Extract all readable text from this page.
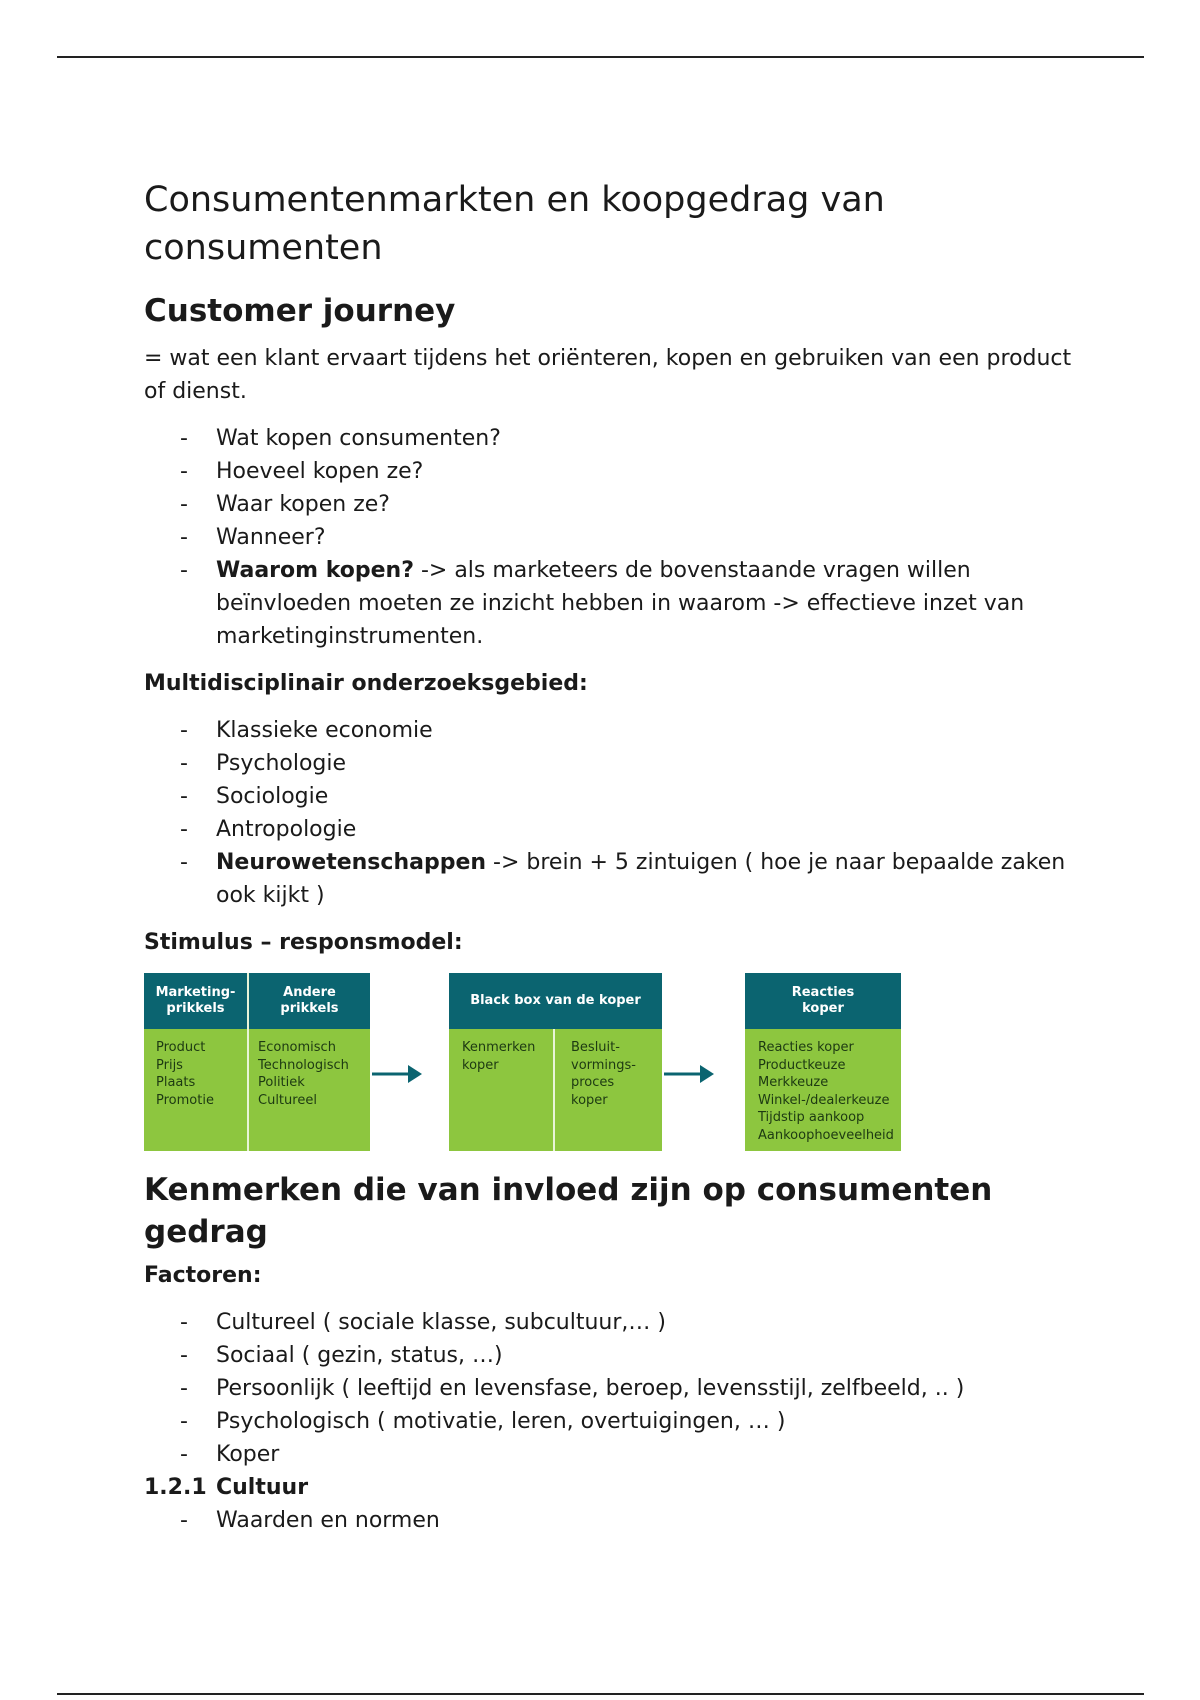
Consumentenmarkten en koopgedrag van consumenten
Customer journey

= wat een klant ervaart tijdens het oriënteren, kopen en gebruiken van een product of dienst.

- Wat kopen consumenten?
- Hoeveel kopen ze?
- Waar kopen ze?
- Wanneer?
- Waarom kopen? -> als marketeers de bovenstaande vragen willen beïnvloeden moeten ze inzicht hebben in waarom -> effectieve inzet van marketinginstrumenten.
Multidisciplinair onderzoeksgebied:
- Klassieke economie
- Psychologie
- Sociologie
- Antropologie
- Neurowetenschappen -> brein + 5 zintuigen ( hoe je naar bepaalde zaken ook kijkt )
Stimulus – responsmodel:
Marketing-
prikkels
Andere
prikkels
Product
Prijs
Plaats
Promotie
Economisch
Technologisch
Politiek
Cultureel
Black box van de koper
Kenmerken
koper
Besluit-
vormings-
proces
koper
Reacties
koper
Reacties koper
Productkeuze
Merkkeuze
Winkel-/dealerkeuze
Tijdstip aankoop
Aankoophoeveelheid
Kenmerken die van invloed zijn op consumenten gedrag
Factoren:
- Cultureel ( sociale klasse, subcultuur,… )
- Sociaal ( gezin, status, …)
- Persoonlijk ( leeftijd en levensfase, beroep, levensstijl, zelfbeeld, .. )
- Psychologisch ( motivatie, leren, overtuigingen, … )
- Koper
1.2.1 Cultuur
- Waarden en normen
